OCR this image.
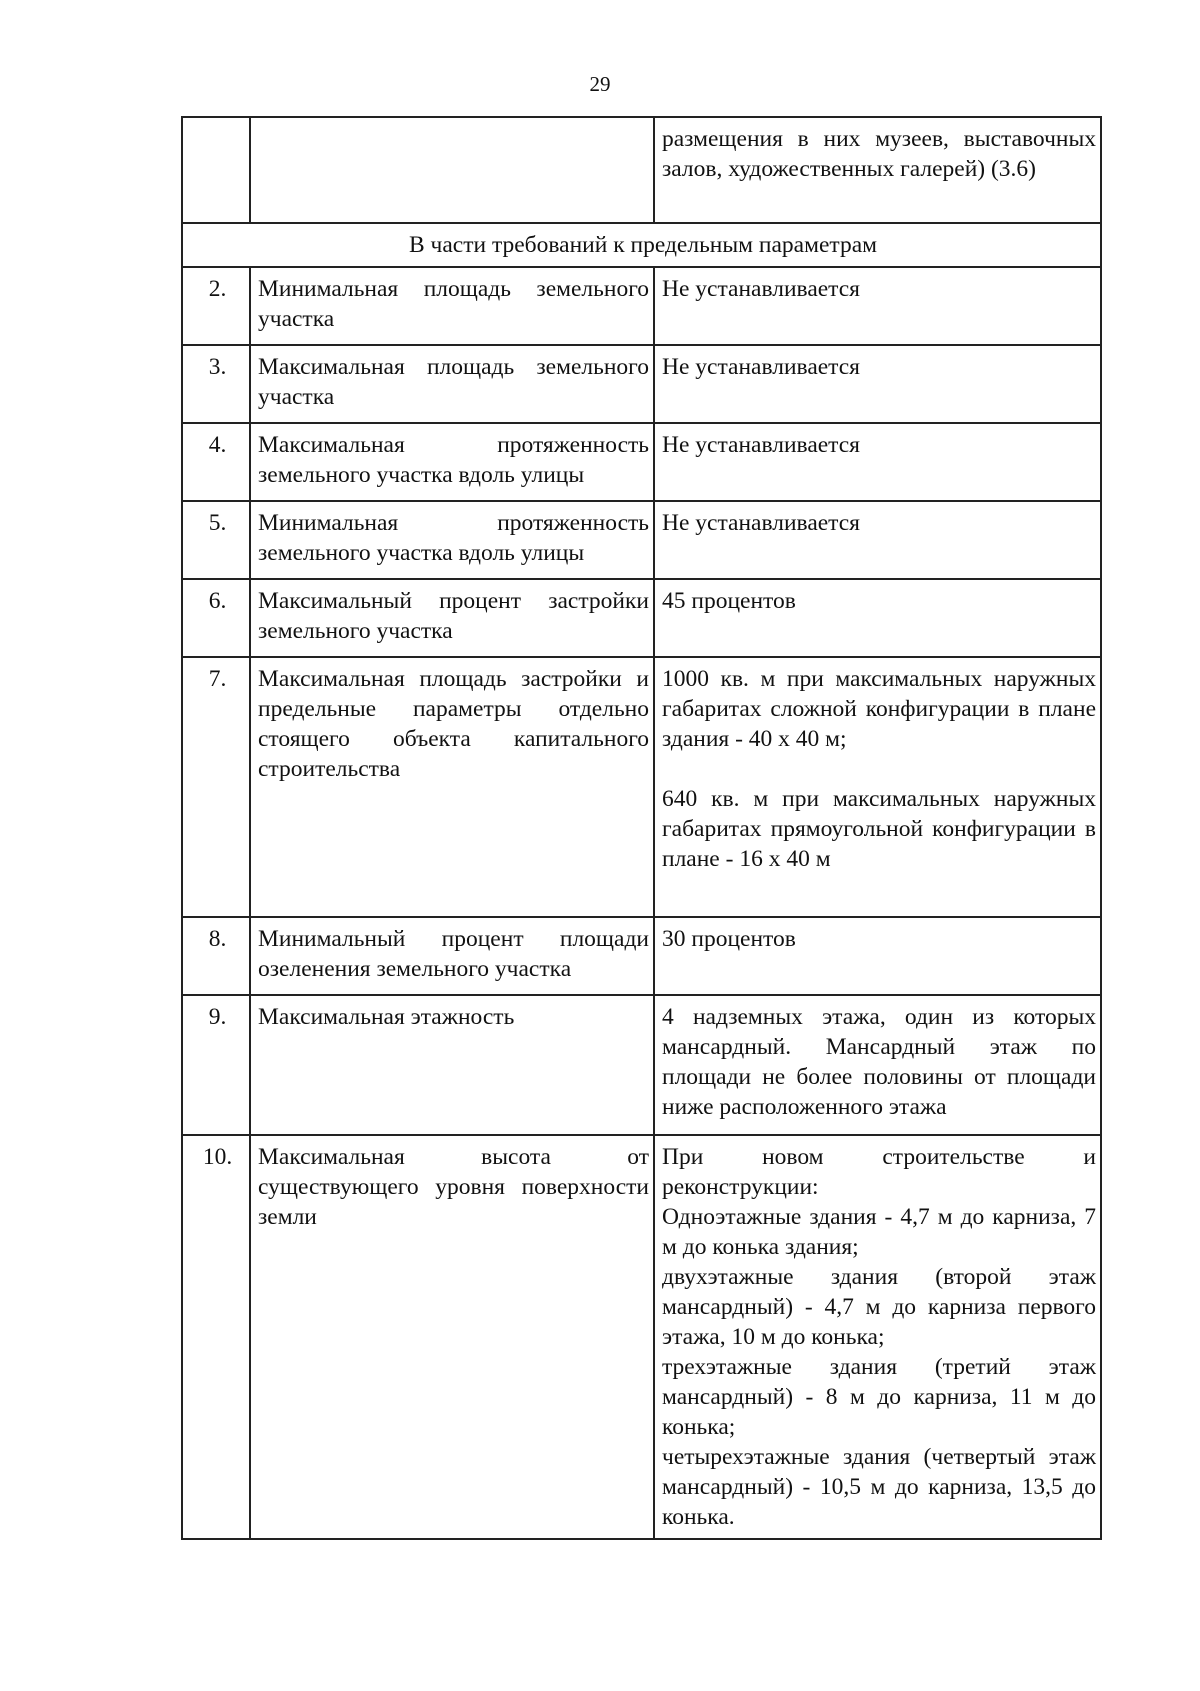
29
		размещения в них музеев, выставочных залов, художественных галерей) (3.6)
В части требований к предельным параметрам		
2.	Минимальная площадь земельного участка	Не устанавливается

3.	Максимальная площадь земельного участка	Не устанавливается

4.	Максимальная протяженность земельного участка вдоль улицы	Не устанавливается

5.	Минимальная протяженность земельного участка вдоль улицы	Не устанавливается

6.	Максимальный процент застройки земельного участка	45 процентов

7.	Максимальная площадь застройки и предельные параметры отдельно стоящего объекта капитального строительства	1000 кв. м при максимальных наружных габаритах сложной конфигурации в плане здания - 40 х 40 м;
640 кв. м при максимальных наружных габаритах прямоугольной конфигурации в плане - 16 х 40 м

8.	Минимальный процент площади озеленения земельного участка	30 процентов

9.	Максимальная этажность	4 надземных этажа, один из которых мансардный. Мансардный этаж по площади не более половины от площади ниже расположенного этажа

10.	Максимальная высота от существующего уровня поверхности земли	При новом строительстве и реконструкции:
Одноэтажные здания - 4,7 м до карниза, 7 м до конька здания;
двухэтажные здания (второй этаж мансардный) - 4,7 м до карниза первого этажа, 10 м до конька;
трехэтажные здания (третий этаж мансардный) - 8 м до карниза, 11 м до конька;
четырехэтажные здания (четвертый этаж мансардный) - 10,5 м до карниза, 13,5 до конька.
